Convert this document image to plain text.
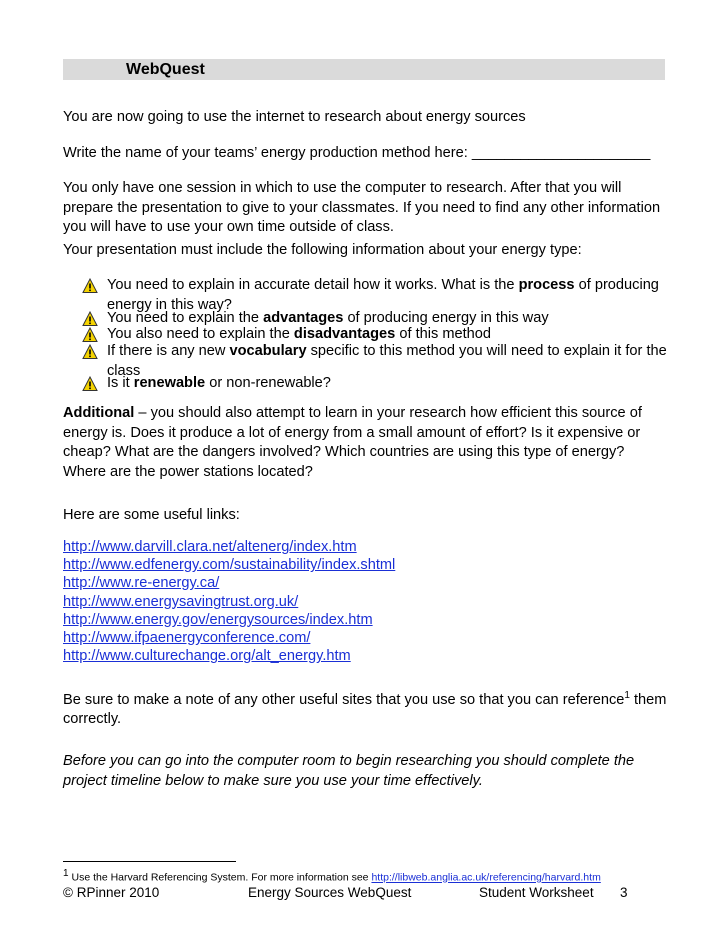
WebQuest
You are now going to use the internet to research about energy sources
Write the name of your teams’ energy production method here: ______________________
You only have one session in which to use the computer to research. After that you will prepare the presentation to give to your classmates. If you need to find any other information you will have to use your own time outside of class.
Your presentation must include the following information about your energy type:
You need to explain in accurate detail how it works. What is the process of producing energy in this way?
You need to explain the advantages of producing energy in this way
You also need to explain the disadvantages of this method
If there is any new vocabulary specific to this method you will need to explain it for the class
Is it renewable or non-renewable?
Additional – you should also attempt to learn in your research how efficient this source of energy is. Does it produce a lot of energy from a small amount of effort? Is it expensive or cheap? What are the dangers involved? Which countries are using this type of energy? Where are the power stations located?
Here are some useful links:
http://www.darvill.clara.net/altenerg/index.htm
http://www.edfenergy.com/sustainability/index.shtml
http://www.re-energy.ca/
http://www.energysavingtrust.org.uk/
http://www.energy.gov/energysources/index.htm
http://www.ifpaenergyconference.com/
http://www.culturechange.org/alt_energy.htm
Be sure to make a note of any other useful sites that you use so that you can reference$^1$ them correctly.
Before you can go into the computer room to begin researching you should complete the project timeline below to make sure you use your time effectively.
1 Use the Harvard Referencing System. For more information see http://libweb.anglia.ac.uk/referencing/harvard.htm
© RPinner 2010	Energy Sources WebQuest	Student Worksheet 3
